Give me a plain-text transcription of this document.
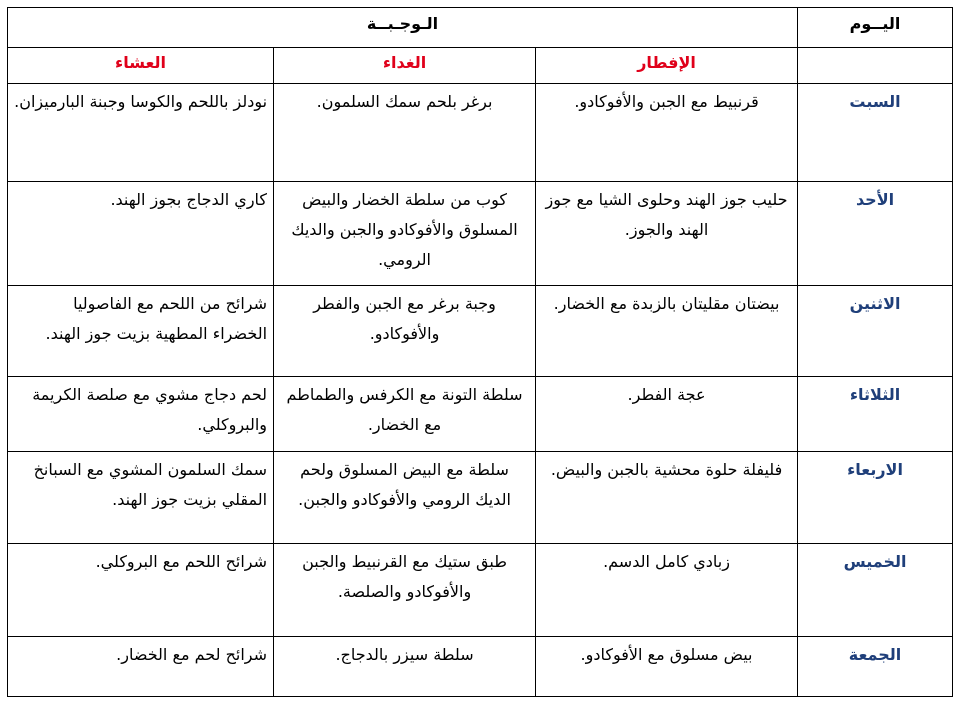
اليــوم	الـوجـبــة		
	الإفطار	الغداء	العشاء
السبت	قرنبيط مع الجبن والأفوكادو.	برغر بلحم سمك السلمون.	نودلز باللحم والكوسا وجبنة البارميزان.
الأحد	حليب جوز الهند وحلوى الشيا مع جوز الهند والجوز.	كوب من سلطة الخضار والبيض المسلوق والأفوكادو والجبن والديك الرومي.	كاري الدجاج بجوز الهند.
الاثنين	بيضتان مقليتان بالزبدة مع الخضار.	وجبة برغر مع الجبن والفطر والأفوكادو.	شرائح من اللحم مع الفاصوليا الخضراء المطهية بزيت جوز الهند.
الثلاثاء	عجة الفطر.	سلطة التونة مع الكرفس والطماطم مع الخضار.	لحم دجاج مشوي مع صلصة الكريمة والبروكلي.
الاربعاء	فليفلة حلوة محشية بالجبن والبيض.	سلطة مع البيض المسلوق ولحم الديك الرومي والأفوكادو والجبن.	سمك السلمون المشوي مع السبانخ المقلي بزيت جوز الهند.
الخميس	زبادي كامل الدسم.	طبق ستيك مع القرنبيط والجبن والأفوكادو والصلصة.	شرائح اللحم مع البروكلي.
الجمعة	بيض مسلوق مع الأفوكادو.	سلطة سيزر بالدجاج.	شرائح لحم مع الخضار.
